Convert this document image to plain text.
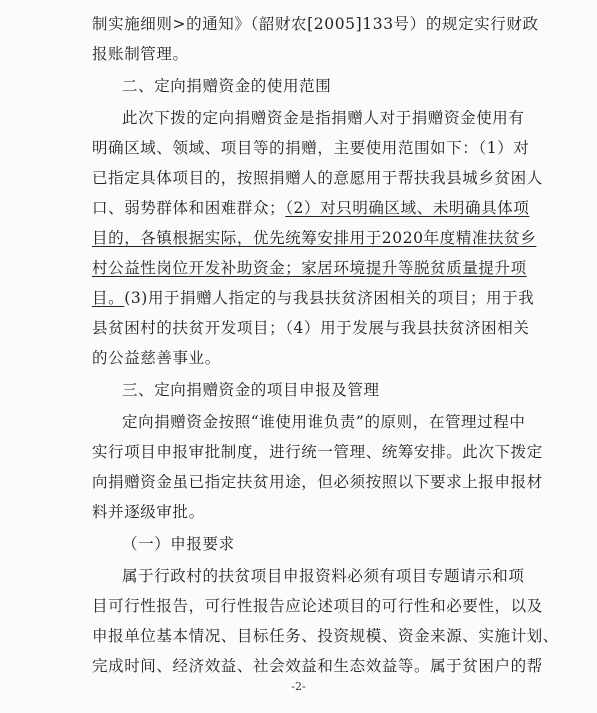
制实施细则>的通知》（韶财农[2005]133号）的规定实行财政
报账制管理。
二、定向捐赠资金的使用范围
此次下拨的定向捐赠资金是指捐赠人对于捐赠资金使用有
明确区域、领域、项目等的捐赠，主要使用范围如下：（1）对
已指定具体项目的，按照捐赠人的意愿用于帮扶我县城乡贫困人
口、弱势群体和困难群众；（2）对只明确区域、未明确具体项
目的，各镇根据实际，优先统筹安排用于2020年度精准扶贫乡
村公益性岗位开发补助资金；家居环境提升等脱贫质量提升项
目。(3)用于捐赠人指定的与我县扶贫济困相关的项目；用于我
县贫困村的扶贫开发项目；（4）用于发展与我县扶贫济困相关
的公益慈善事业。
三、定向捐赠资金的项目申报及管理
定向捐赠资金按照“谁使用谁负责”的原则，在管理过程中
实行项目申报审批制度，进行统一管理、统筹安排。此次下拨定
向捐赠资金虽已指定扶贫用途，但必须按照以下要求上报申报材
料并逐级审批。
（一）申报要求
属于行政村的扶贫项目申报资料必须有项目专题请示和项
目可行性报告，可行性报告应论述项目的可行性和必要性，以及
申报单位基本情况、目标任务、投资规模、资金来源、实施计划、
完成时间、经济效益、社会效益和生态效益等。属于贫困户的帮
-2-
